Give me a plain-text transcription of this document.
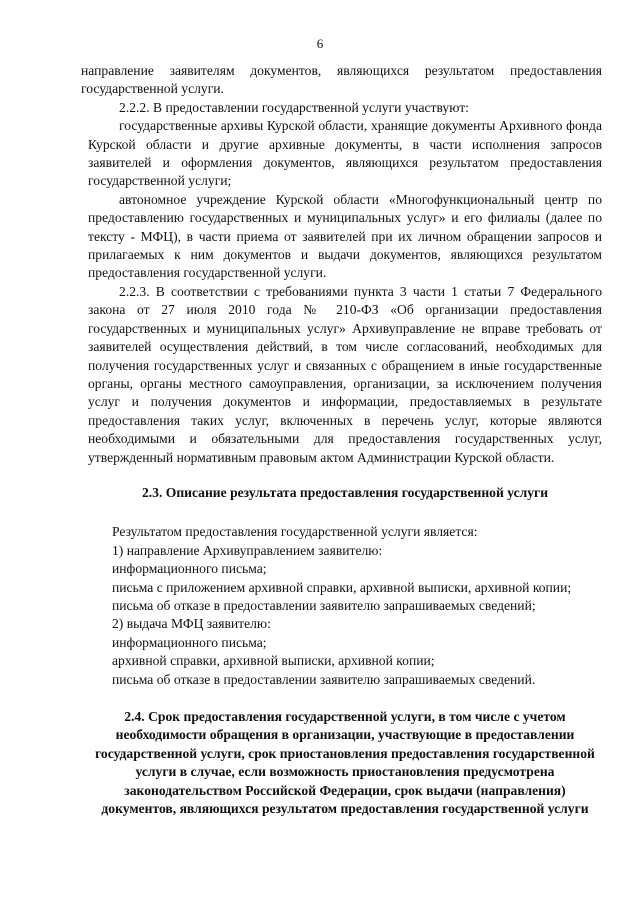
6

направление заявителям документов, являющихся результатом предоставления государственной услуги.

2.2.2. В предоставлении государственной услуги участвуют:

государственные архивы Курской области, хранящие документы Архивного фонда Курской области и другие архивные документы, в части исполнения запросов заявителей и оформления документов, являющихся результатом предоставления государственной услуги;

автономное учреждение Курской области «Многофункциональный центр по предоставлению государственных и муниципальных услуг» и его филиалы (далее по тексту - МФЦ), в части приема от заявителей при их личном обращении запросов и прилагаемых к ним документов и выдачи документов, являющихся результатом предоставления государственной услуги.

2.2.3. В соответствии с требованиями пункта 3 части 1 статьи 7 Федерального закона от 27 июля 2010 года № 210-ФЗ «Об организации предоставления государственных и муниципальных услуг» Архивуправление не вправе требовать от заявителей осуществления действий, в том числе согласований, необходимых для получения государственных услуг и связанных с обращением в иные государственные органы, органы местного самоуправления, организации, за исключением получения услуг и получения документов и информации, предоставляемых в результате предоставления таких услуг, включенных в перечень услуг, которые являются необходимыми и обязательными для предоставления государственных услуг, утвержденный нормативным правовым актом Администрации Курской области.

2.3. Описание результата предоставления государственной услуги

Результатом предоставления государственной услуги является:

1) направление Архивуправлением заявителю:

информационного письма;

письма с приложением архивной справки, архивной выписки, архивной копии;

письма об отказе в предоставлении заявителю запрашиваемых сведений;

2) выдача МФЦ заявителю:

информационного письма;

архивной справки, архивной выписки, архивной копии;

письма об отказе в предоставлении заявителю запрашиваемых сведений.

2.4. Срок предоставления государственной услуги, в том числе с учетом необходимости обращения в организации, участвующие в предоставлении государственной услуги, срок приостановления предоставления государственной услуги в случае, если возможность приостановления предусмотрена законодательством Российской Федерации, срок выдачи (направления) документов, являющихся результатом предоставления государственной услуги
